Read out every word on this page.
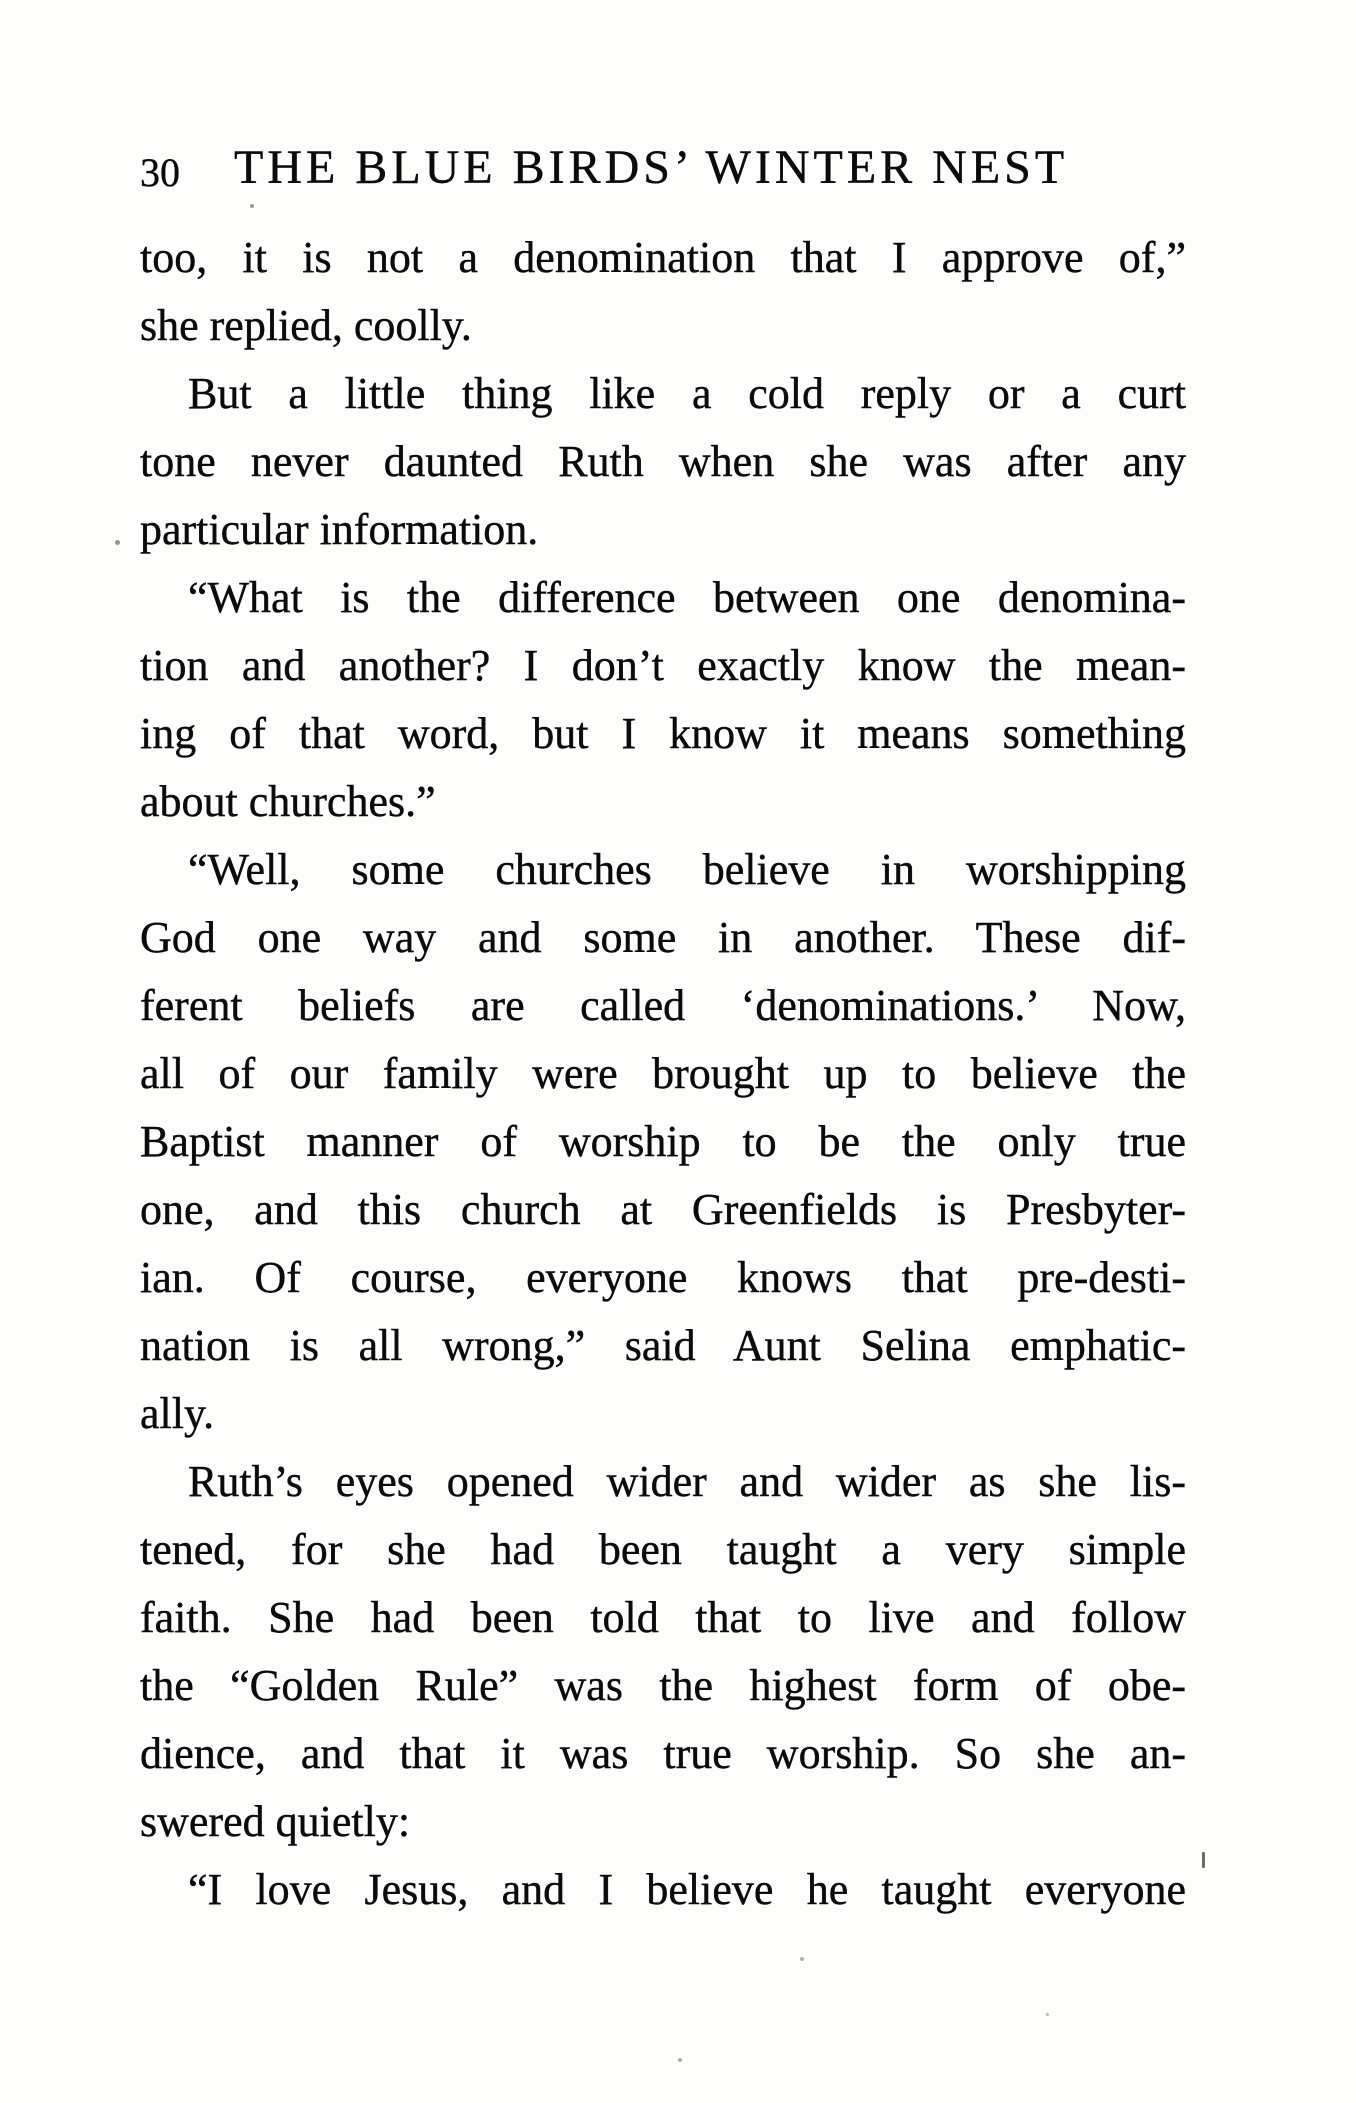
30 THE BLUE BIRDS’ WINTER NEST
too, it is not a denomination that I approve of,”
she replied, coolly.
But a little thing like a cold reply or a curt
tone never daunted Ruth when she was after any
particular information.
“What is the difference between one denomina-
tion and another? I don’t exactly know the mean-
ing of that word, but I know it means something
about churches.”
“Well, some churches believe in worshipping
God one way and some in another. These dif-
ferent beliefs are called ‘denominations.’ Now,
all of our family were brought up to believe the
Baptist manner of worship to be the only true
one, and this church at Greenfields is Presbyter-
ian. Of course, everyone knows that pre-desti-
nation is all wrong,” said Aunt Selina emphatic-
ally.
Ruth’s eyes opened wider and wider as she lis-
tened, for she had been taught a very simple
faith. She had been told that to live and follow
the “Golden Rule” was the highest form of obe-
dience, and that it was true worship. So she an-
swered quietly:
“I love Jesus, and I believe he taught everyone
